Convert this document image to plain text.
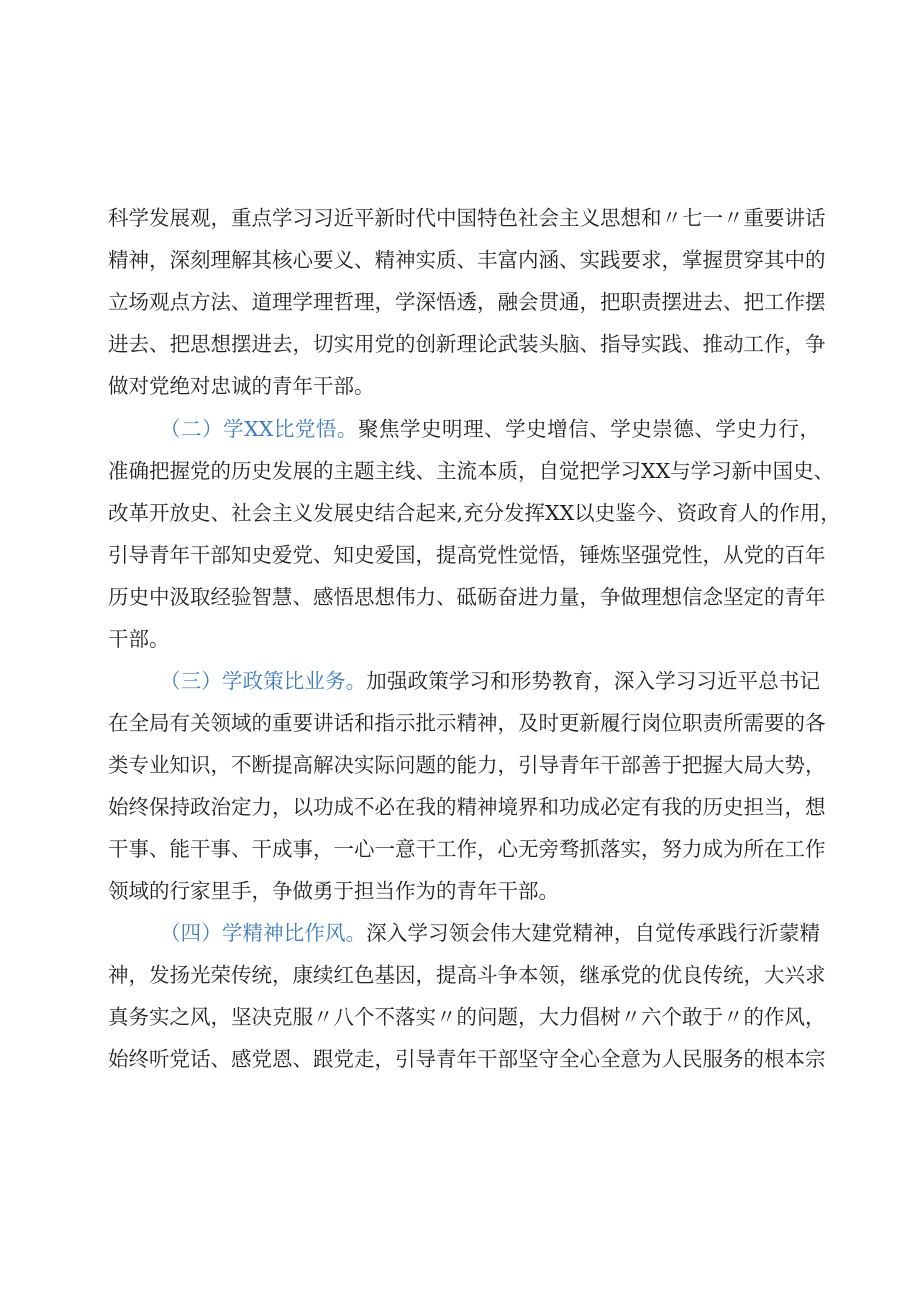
科学发展观，重点学习习近平新时代中国特色社会主义思想和〃七一〃重要讲话
精神，深刻理解其核心要义、精神实质、丰富内涵、实践要求，掌握贯穿其中的
立场观点方法、道理学理哲理，学深悟透，融会贯通，把职责摆进去、把工作摆
进去、把思想摆进去，切实用党的创新理论武装头脑、指导实践、推动工作，争
做对党绝对忠诚的青年干部。
（二）学XX比党悟。聚焦学史明理、学史增信、学史崇德、学史力行，
准确把握党的历史发展的主题主线、主流本质，自觉把学习XX与学习新中国史、
改革开放史、社会主义发展史结合起来,充分发挥XX以史鉴今、资政育人的作用，
引导青年干部知史爱党、知史爱国，提高党性觉悟，锤炼坚强党性，从党的百年
历史中汲取经验智慧、感悟思想伟力、砥砺奋进力量，争做理想信念坚定的青年
干部。
（三）学政策比业务。加强政策学习和形势教育，深入学习习近平总书记
在全局有关领域的重要讲话和指示批示精神，及时更新履行岗位职责所需要的各
类专业知识，不断提高解决实际问题的能力，引导青年干部善于把握大局大势，
始终保持政治定力，以功成不必在我的精神境界和功成必定有我的历史担当，想
干事、能干事、干成事，一心一意干工作，心无旁骛抓落实，努力成为所在工作
领域的行家里手，争做勇于担当作为的青年干部。
（四）学精神比作风。深入学习领会伟大建党精神，自觉传承践行沂蒙精
神，发扬光荣传统，康续红色基因，提高斗争本领，继承党的优良传统，大兴求
真务实之风，坚决克服〃八个不落实〃的问题，大力倡树〃六个敢于〃的作风，
始终听党话、感党恩、跟党走，引导青年干部坚守全心全意为人民服务的根本宗
